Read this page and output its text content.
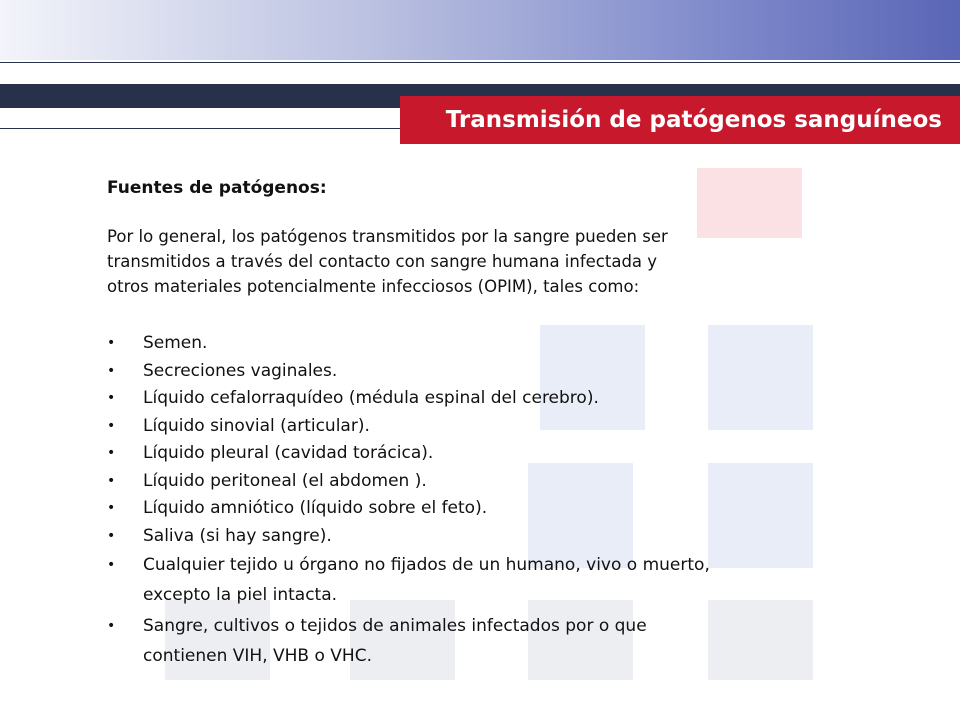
Transmisión de patógenos sanguíneos
Fuentes de patógenos:
Por lo general, los patógenos transmitidos por la sangre pueden ser
transmitidos a través del contacto con sangre humana infectada y
otros materiales potencialmente infecciosos (OPIM), tales como:
• Semen.
• Secreciones vaginales.
• Líquido cefalorraquídeo (médula espinal del cerebro).
• Líquido sinovial (articular).
• Líquido pleural (cavidad torácica).
• Líquido peritoneal (el abdomen ).
• Líquido amniótico (líquido sobre el feto).
• Saliva (si hay sangre).
• Cualquier tejido u órgano no fijados de un humano, vivo o muerto,
excepto la piel intacta.
• Sangre, cultivos o tejidos de animales infectados por o que
contienen VIH, VHB o VHC.
